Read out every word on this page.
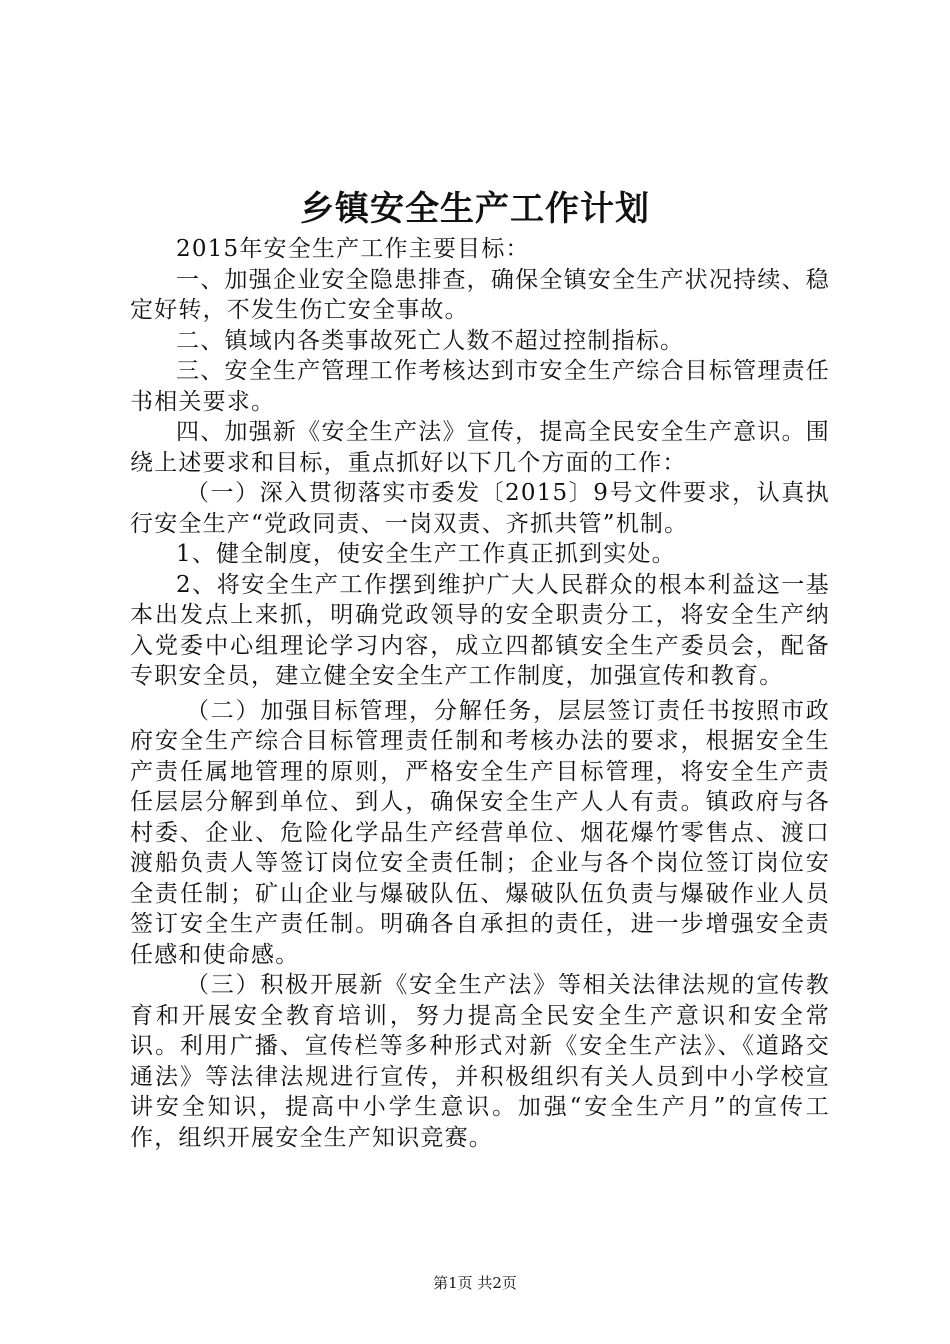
乡镇安全生产工作计划

2015年安全生产工作主要目标：

一、加强企业安全隐患排查，确保全镇安全生产状况持续、稳定好转，不发生伤亡安全事故。

二、镇域内各类事故死亡人数不超过控制指标。

三、安全生产管理工作考核达到市安全生产综合目标管理责任书相关要求。

四、加强新《安全生产法》宣传，提高全民安全生产意识。围绕上述要求和目标，重点抓好以下几个方面的工作：

（一）深入贯彻落实市委发〔2015〕9号文件要求，认真执行安全生产“党政同责、一岗双责、齐抓共管”机制。

1、健全制度，使安全生产工作真正抓到实处。

2、将安全生产工作摆到维护广大人民群众的根本利益这一基本出发点上来抓，明确党政领导的安全职责分工，将安全生产纳入党委中心组理论学习内容，成立四都镇安全生产委员会，配备专职安全员，建立健全安全生产工作制度，加强宣传和教育。

（二）加强目标管理，分解任务，层层签订责任书按照市政府安全生产综合目标管理责任制和考核办法的要求，根据安全生产责任属地管理的原则，严格安全生产目标管理，将安全生产责任层层分解到单位、到人，确保安全生产人人有责。镇政府与各村委、企业、危险化学品生产经营单位、烟花爆竹零售点、渡口渡船负责人等签订岗位安全责任制；企业与各个岗位签订岗位安全责任制；矿山企业与爆破队伍、爆破队伍负责与爆破作业人员签订安全生产责任制。明确各自承担的责任，进一步增强安全责任感和使命感。

（三）积极开展新《安全生产法》等相关法律法规的宣传教育和开展安全教育培训，努力提高全民安全生产意识和安全常识。利用广播、宣传栏等多种形式对新《安全生产法》、《道路交通法》等法律法规进行宣传，并积极组织有关人员到中小学校宣讲安全知识，提高中小学生意识。加强“安全生产月”的宣传工作，组织开展安全生产知识竞赛。

第1页 共2页
